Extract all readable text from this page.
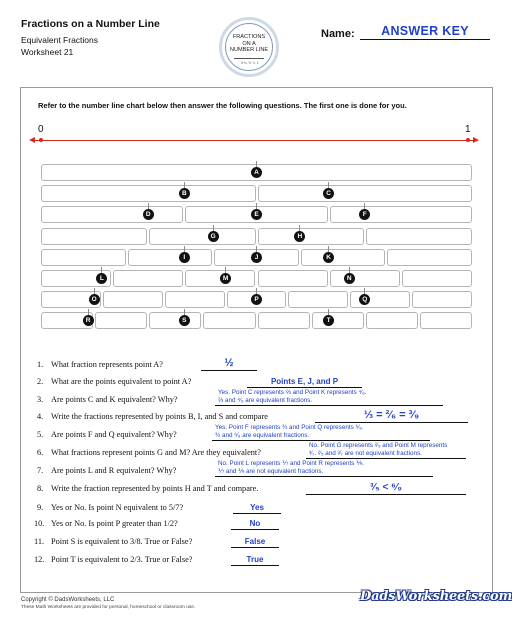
Fractions on a Number Line
Equivalent Fractions
Worksheet 21
FRACTIONS
ON A
NUMBER LINE
0 ⅙ ⅔ ⅚ 1
Name:	ANSWER KEY
Refer to the number line chart below then answer the following questions. The first one is done for you.
0	1
A
B	C
D	E	F
G	H
I	J	K
L	M	N
O	P	Q
R	S	T
1. What fraction represents point A?	½
2. What are the points equivalent to point A?	Points E, J, and P
3. Are points C and K equivalent? Why?
Yes. Point C represents ⅔ and Point K represents ⁴⁄₆.
⅔ and ⁴⁄₆ are equivalent fractions.
4. Write the fractions represented by points B, I, and S and compare	⅓ = ²⁄₆ = ³⁄₉
5. Are points F and Q equivalent? Why?
Yes. Point F represents ¾ and Point Q represents ⁶⁄₈.
¾ and ⁶⁄₈ are equivalent fractions.
6. What fractions represent points G and M? Are they equivalent?
No. Point G represents ²⁄₅ and Point M represents
³⁄₇. ²⁄₅ and ³⁄₇ are not equivalent fractions.
7. Are points L and R equivalent? Why?
No. Point L represents ⅐ and Point R represents ⅑.
⅐ and ⅑ are not equivalent fractions.
8. Write the fraction represented by points H and T and compare.	³⁄₅ < ⁶⁄₉
9. Yes or No. Is point N equivalent to 5/7?	Yes
10. Yes or No. Is point P greater than 1/2?	No
11. Point S is equivalent to 3/8. True or False?	False
12. Point T is equivalent to 2/3. True or False?	True
Copyright © DadsWorksheets, LLC
These Math Worksheets are provided for personal, homeschool or classroom use.
DadsWorksheets.com
